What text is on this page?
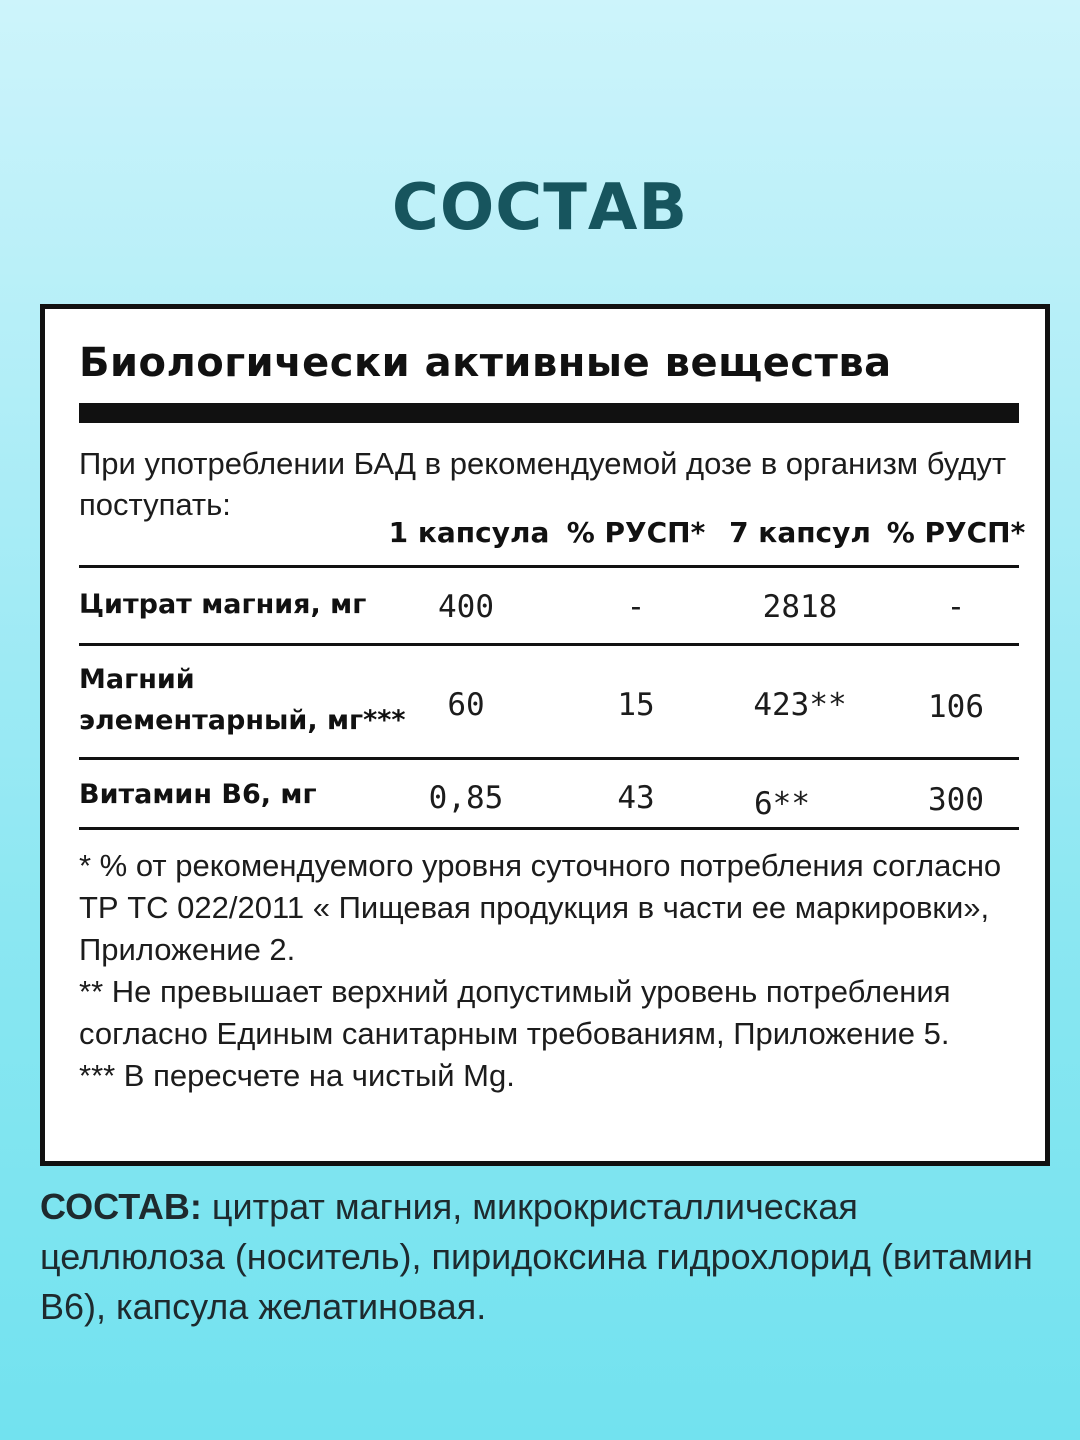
СОСТАВ
Биологически активные вещества
При употреблении БАД в рекомендуемой дозе в организм будут поступать:
1 капсула % РУСП* 7 капсул % РУСП*
Цитрат магния, мг	400	-	2818	-
Магний
элементарный, мг***	60	15	423**	106
Витамин B6, мг	0,85	43	6**	300

* % от рекомендуемого уровня суточного потребления согласно ТР ТС 022/2011 « Пищевая продукция в части ее маркировки», Приложение 2.

** Не превышает верхний допустимый уровень потребления согласно Единым санитарным требованиям, Приложение 5.

*** В пересчете на чистый Mg.

СОСТАВ: цитрат магния, микрокристаллическая целлюлоза (носитель), пиридоксина гидрохлорид (витамин B6), капсула желатиновая.
